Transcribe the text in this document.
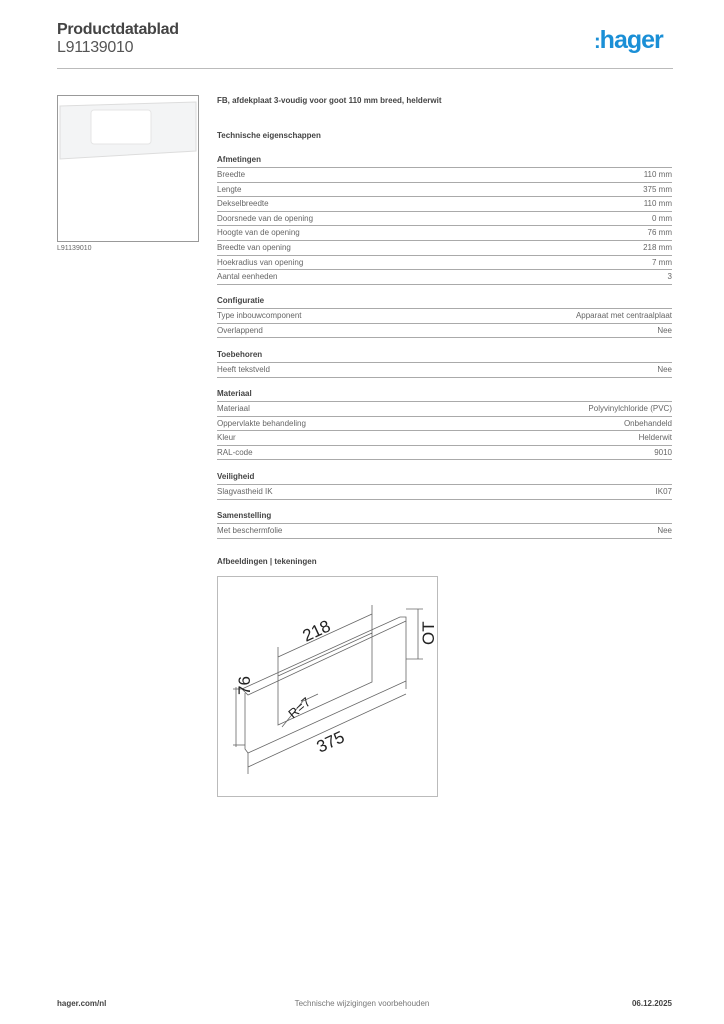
Productdatablad
L91139010	:hager
L91139010
FB, afdekplaat 3-voudig voor goot 110 mm breed, helderwit
Technische eigenschappen
Afmetingen
Breedte	110 mm
Lengte	375 mm
Dekselbreedte	110 mm
Doorsnede van de opening	0 mm
Hoogte van de opening	76 mm
Breedte van opening	218 mm
Hoekradius van opening	7 mm
Aantal eenheden	3
Configuratie
Type inbouwcomponent	Apparaat met centraalplaat
Overlappend	Nee
Toebehoren
Heeft tekstveld	Nee
Materiaal
Materiaal	Polyvinylchloride (PVC)
Oppervlakte behandeling	Onbehandeld
Kleur	Helderwit
RAL-code	9010
Veiligheid
Slagvastheid IK	IK07
Samenstelling
Met beschermfolie	Nee
Afbeeldingen | tekeningen
218
76
375
OT
R=7
hager.com/nl	Technische wijzigingen voorbehouden	06.12.2025
